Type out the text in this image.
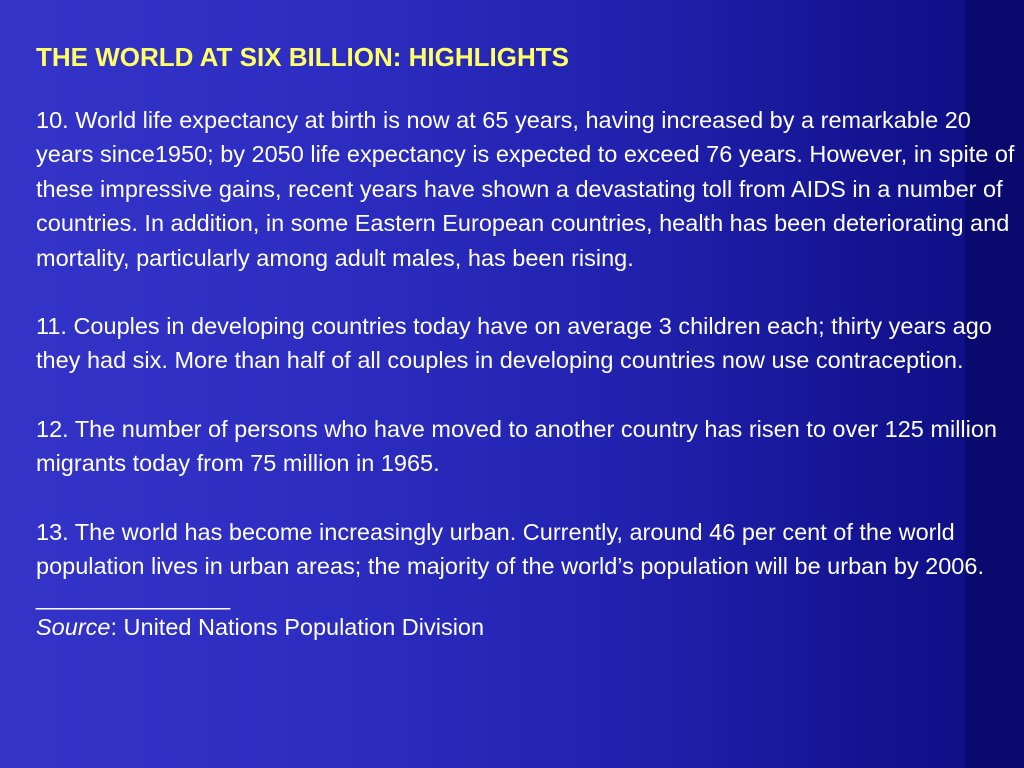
THE WORLD AT SIX BILLION: HIGHLIGHTS

10. World life expectancy at birth is now at 65 years, having increased by a remarkable 20 years since1950; by 2050 life expectancy is expected to exceed 76 years. However, in spite of these impressive gains, recent years have shown a devastating toll from AIDS in a number of countries. In addition, in some Eastern European countries, health has been deteriorating and mortality, particularly among adult males, has been rising.

11. Couples in developing countries today have on average 3 children each; thirty years ago they had six. More than half of all couples in developing countries now use contraception.

12. The number of persons who have moved to another country has risen to over 125 million migrants today from 75 million in 1965.

13. The world has become increasingly urban. Currently, around 46 per cent of the world population lives in urban areas; the majority of the world’s population will be urban by 2006.

________________
Source: United Nations Population Division
